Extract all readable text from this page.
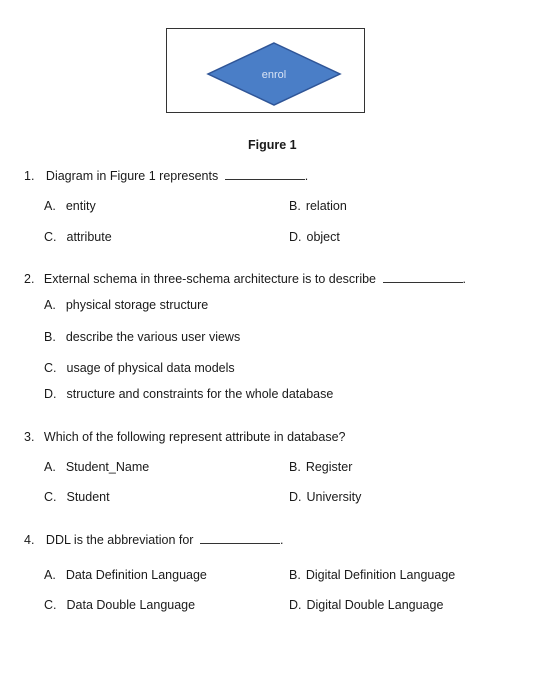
enrol
Figure 1
1. Diagram in Figure 1 represents	.
A. entity	B. relation
C. attribute	D. object
2. External schema in three-schema architecture is to describe	.
A. physical storage structure
B. describe the various user views
C. usage of physical data models
D. structure and constraints for the whole database
3. Which of the following represent attribute in database?
A. Student_Name	B. Register
C. Student	D. University
4. DDL is the abbreviation for	.
A. Data Definition Language	B. Digital Definition Language
C. Data Double Language	D. Digital Double Language
